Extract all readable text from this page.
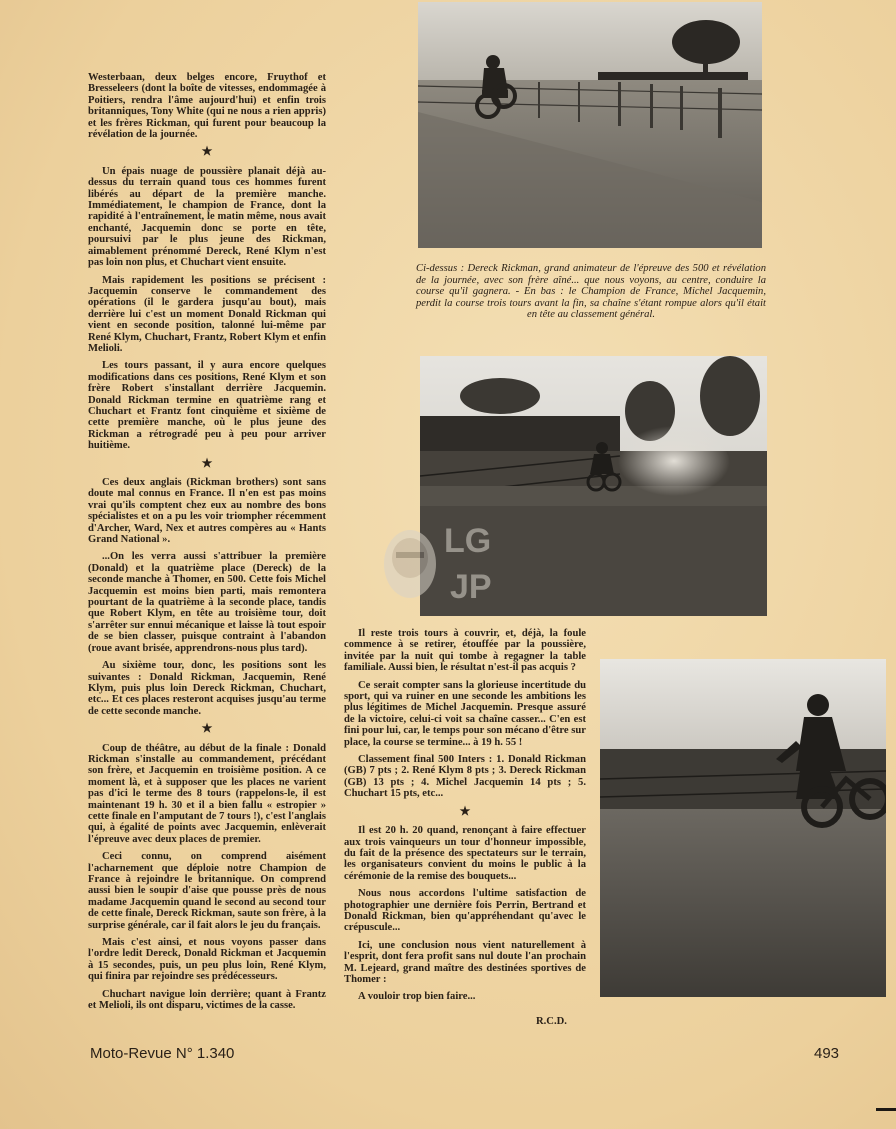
Westerbaan, deux belges encore, Fruythof et Bresseleers (dont la boîte de vitesses, endommagée à Poitiers, rendra l'âme aujourd'hui) et enfin trois britanniques, Tony White (qui ne nous a rien appris) et les frères Rickman, qui furent pour beaucoup la révélation de la journée.

★

Un épais nuage de poussière planait déjà au-dessus du terrain quand tous ces hommes furent libérés au départ de la première manche. Immédiatement, le champion de France, dont la rapidité à l'entraînement, le matin même, nous avait enchanté, Jacquemin donc se porte en tête, poursuivi par le plus jeune des Rickman, aimablement prénommé Dereck, René Klym n'est pas loin non plus, et Chuchart vient ensuite.

Mais rapidement les positions se précisent : Jacquemin conserve le commandement des opérations (il le gardera jusqu'au bout), mais derrière lui c'est un moment Donald Rickman qui vient en seconde position, talonné lui-même par René Klym, Chuchart, Frantz, Robert Klym et enfin Melioli.

Les tours passant, il y aura encore quelques modifications dans ces positions, René Klym et son frère Robert s'installant derrière Jacquemin. Donald Rickman termine en quatrième rang et Chuchart et Frantz font cinquième et sixième de cette première manche, où le plus jeune des Rickman a rétrogradé peu à peu pour arriver huitième.

★

Ces deux anglais (Rickman brothers) sont sans doute mal connus en France. Il n'en est pas moins vrai qu'ils comptent chez eux au nombre des bons spécialistes et on a pu les voir triompher récemment d'Archer, Ward, Nex et autres compères au « Hants Grand National ».

...On les verra aussi s'attribuer la première (Donald) et la quatrième place (Dereck) de la seconde manche à Thomer, en 500. Cette fois Michel Jacquemin est moins bien parti, mais remontera pourtant de la quatrième à la seconde place, tandis que Robert Klym, en tête au troisième tour, doit s'arrêter sur ennui mécanique et laisse là tout espoir de se bien classer, puisque contraint à l'abandon (roue avant brisée, apprendrons-nous plus tard).

Au sixième tour, donc, les positions sont les suivantes : Donald Rickman, Jacquemin, René Klym, puis plus loin Dereck Rickman, Chuchart, etc... Et ces places resteront acquises jusqu'au terme de cette seconde manche.

★

Coup de théâtre, au début de la finale : Donald Rickman s'installe au commandement, précédant son frère, et Jacquemin en troisième position. A ce moment là, et à supposer que les places ne varient pas d'ici le terme des 8 tours (rappelons-le, il est maintenant 19 h. 30 et il a bien fallu « estropier » cette finale en l'amputant de 7 tours !), c'est l'anglais qui, à égalité de points avec Jacquemin, enlèverait l'épreuve avec deux places de premier.

Ceci connu, on comprend aisément l'acharnement que déploie notre Champion de France à rejoindre le britannique. On comprend aussi bien le soupir d'aise que pousse près de nous madame Jacquemin quand le second au second tour de cette finale, Dereck Rickman, saute son frère, à la surprise générale, car il fait alors le jeu du français.

Mais c'est ainsi, et nous voyons passer dans l'ordre ledit Dereck, Donald Rickman et Jacquemin à 15 secondes, puis, un peu plus loin, René Klym, qui finira par rejoindre ses prédécesseurs.

Chuchart navigue loin derrière; quant à Frantz et Melioli, ils ont disparu, victimes de la casse.

Ci-dessus : Dereck Rickman, grand animateur de l'épreuve des 500 et révélation de la journée, avec son frère aîné... que nous voyons, au centre, conduire la course qu'il gagnera. - En bas : le Champion de France, Michel Jacquemin, perdit la course trois tours avant la fin, sa chaîne s'étant rompue alors qu'il était en tête au classement général.
LG
JP

Il reste trois tours à couvrir, et, déjà, la foule commence à se retirer, étouffée par la poussière, invitée par la nuit qui tombe à regagner la table familiale. Aussi bien, le résultat n'est-il pas acquis ?

Ce serait compter sans la glorieuse incertitude du sport, qui va ruiner en une seconde les ambitions les plus légitimes de Michel Jacquemin. Presque assuré de la victoire, celui-ci voit sa chaîne casser... C'en est fini pour lui, car, le temps pour son mécano d'être sur place, la course se termine... à 19 h. 55 !

Classement final 500 Inters : 1. Donald Rickman (GB) 7 pts ; 2. René Klym 8 pts ; 3. Dereck Rickman (GB) 13 pts ; 4. Michel Jacquemin 14 pts ; 5. Chuchart 15 pts, etc...

★

Il est 20 h. 20 quand, renonçant à faire effectuer aux trois vainqueurs un tour d'honneur impossible, du fait de la présence des spectateurs sur le terrain, les organisateurs convient du moins le public à la cérémonie de la remise des bouquets...

Nous nous accordons l'ultime satisfaction de photographier une dernière fois Perrin, Bertrand et Donald Rickman, bien qu'appréhendant qu'avec le crépuscule...

Ici, une conclusion nous vient naturellement à l'esprit, dont fera profit sans nul doute l'an prochain M. Lejeard, grand maître des destinées sportives de Thomer :

A vouloir trop bien faire...

R.C.D.
Moto-Revue N° 1.340	493
